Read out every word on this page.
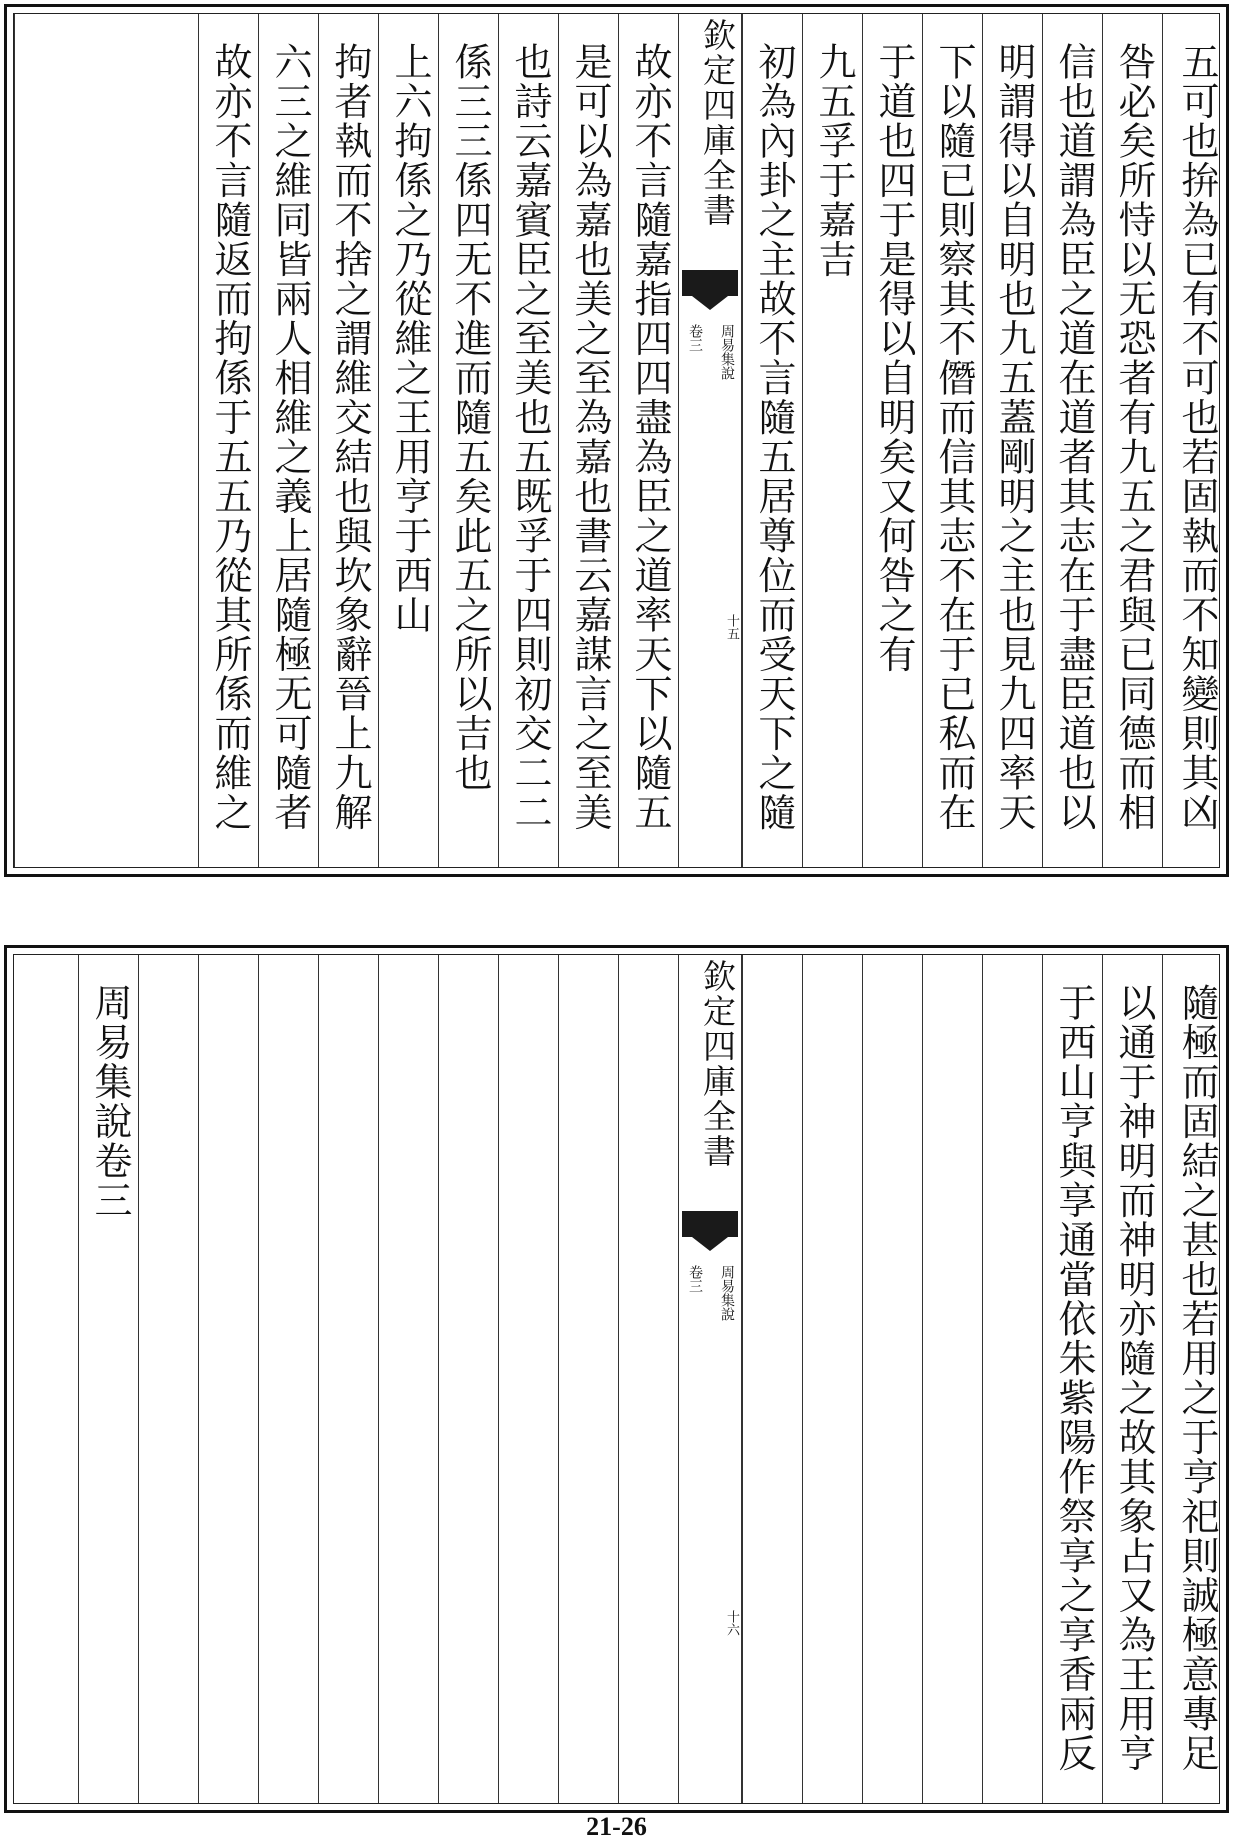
五可也拚為已有不可也若固執而不知變則其凶
咎必矣所恃以无恐者有九五之君與已同德而相
信也道謂為臣之道在道者其志在于盡臣道也以
明謂得以自明也九五蓋剛明之主也見九四率天
下以隨已則察其不僭而信其志不在于已私而在
于道也四于是得以自明矣又何咎之有
九五孚于嘉吉
初為內卦之主故不言隨五居尊位而受天下之隨
欽定四庫全書
周易集說
卷三
十五
故亦不言隨嘉指四四盡為臣之道率天下以隨五
是可以為嘉也美之至為嘉也書云嘉謀言之至美
也詩云嘉賓臣之至美也五既孚于四則初交二二
係三三係四无不進而隨五矣此五之所以吉也
上六拘係之乃從維之王用亨于西山
拘者執而不捨之謂維交結也與坎象辭晉上九解
六三之維同皆兩人相維之義上居隨極无可隨者
故亦不言隨返而拘係于五五乃從其所係而維之
隨極而固結之甚也若用之于亨祀則誠極意專足
以通于神明而神明亦隨之故其象占又為王用亨
于西山亨與享通當依朱紫陽作祭享之享香兩反
欽定四庫全書
周易集說
卷三
十六
周易集說卷三
21-26
